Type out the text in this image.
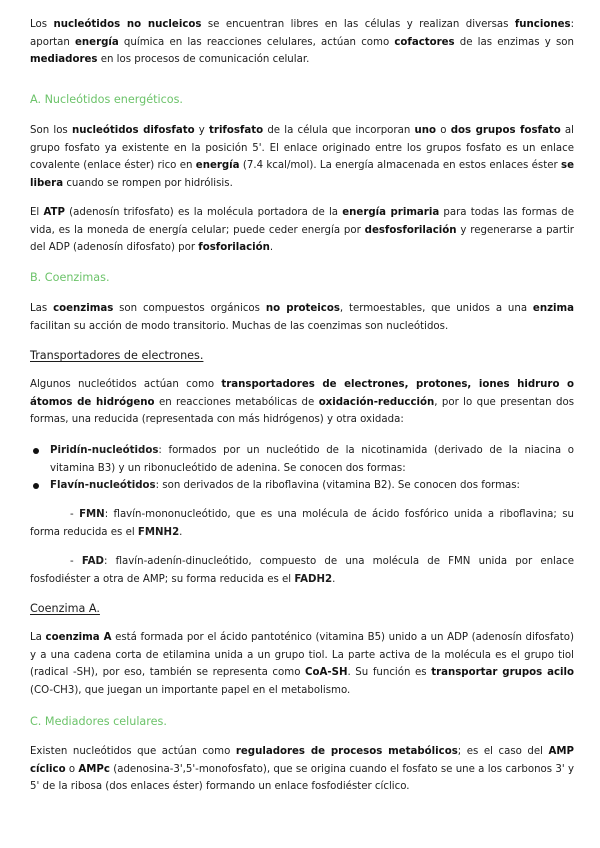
Los nucleótidos no nucleicos se encuentran libres en las células y realizan diversas funciones: aportan energía química en las reacciones celulares, actúan como cofactores de las enzimas y son mediadores en los procesos de comunicación celular.

A. Nucleótidos energéticos.

Son los nucleótidos difosfato y trifosfato de la célula que incorporan uno o dos grupos fosfato al grupo fosfato ya existente en la posición 5'. El enlace originado entre los grupos fosfato es un enlace covalente (enlace éster) rico en energía (7.4 kcal/mol). La energía almacenada en estos enlaces éster se libera cuando se rompen por hidrólisis.

El ATP (adenosín trifosfato) es la molécula portadora de la energía primaria para todas las formas de vida, es la moneda de energía celular; puede ceder energía por desfosforilación y regenerarse a partir del ADP (adenosín difosfato) por fosforilación.

B. Coenzimas.

Las coenzimas son compuestos orgánicos no proteicos, termoestables, que unidos a una enzima facilitan su acción de modo transitorio. Muchas de las coenzimas son nucleótidos.

Transportadores de electrones.

Algunos nucleótidos actúan como transportadores de electrones, protones, iones hidruro o átomos de hidrógeno en reacciones metabólicas de oxidación-reducción, por lo que presentan dos formas, una reducida (representada con más hidrógenos) y otra oxidada:

Piridín-nucleótidos: formados por un nucleótido de la nicotinamida (derivado de la niacina o vitamina B3) y un ribonucleótido de adenina. Se conocen dos formas:
Flavín-nucleótidos: son derivados de la riboflavina (vitamina B2). Se conocen dos formas:

- FMN: flavín-mononucleótido, que es una molécula de ácido fosfórico unida a riboflavina; su forma reducida es el FMNH2.

- FAD: flavín-adenín-dinucleótido, compuesto de una molécula de FMN unida por enlace fosfodiéster a otra de AMP; su forma reducida es el FADH2.

Coenzima A.

La coenzima A está formada por el ácido pantoténico (vitamina B5) unido a un ADP (adenosín difosfato) y a una cadena corta de etilamina unida a un grupo tiol. La parte activa de la molécula es el grupo tiol (radical -SH), por eso, también se representa como CoA-SH. Su función es transportar grupos acilo (CO-CH3), que juegan un importante papel en el metabolismo.

C. Mediadores celulares.

Existen nucleótidos que actúan como reguladores de procesos metabólicos; es el caso del AMP cíclico o AMPc (adenosina-3',5'-monofosfato), que se origina cuando el fosfato se une a los carbonos 3' y 5' de la ribosa (dos enlaces éster) formando un enlace fosfodiéster cíclico.
